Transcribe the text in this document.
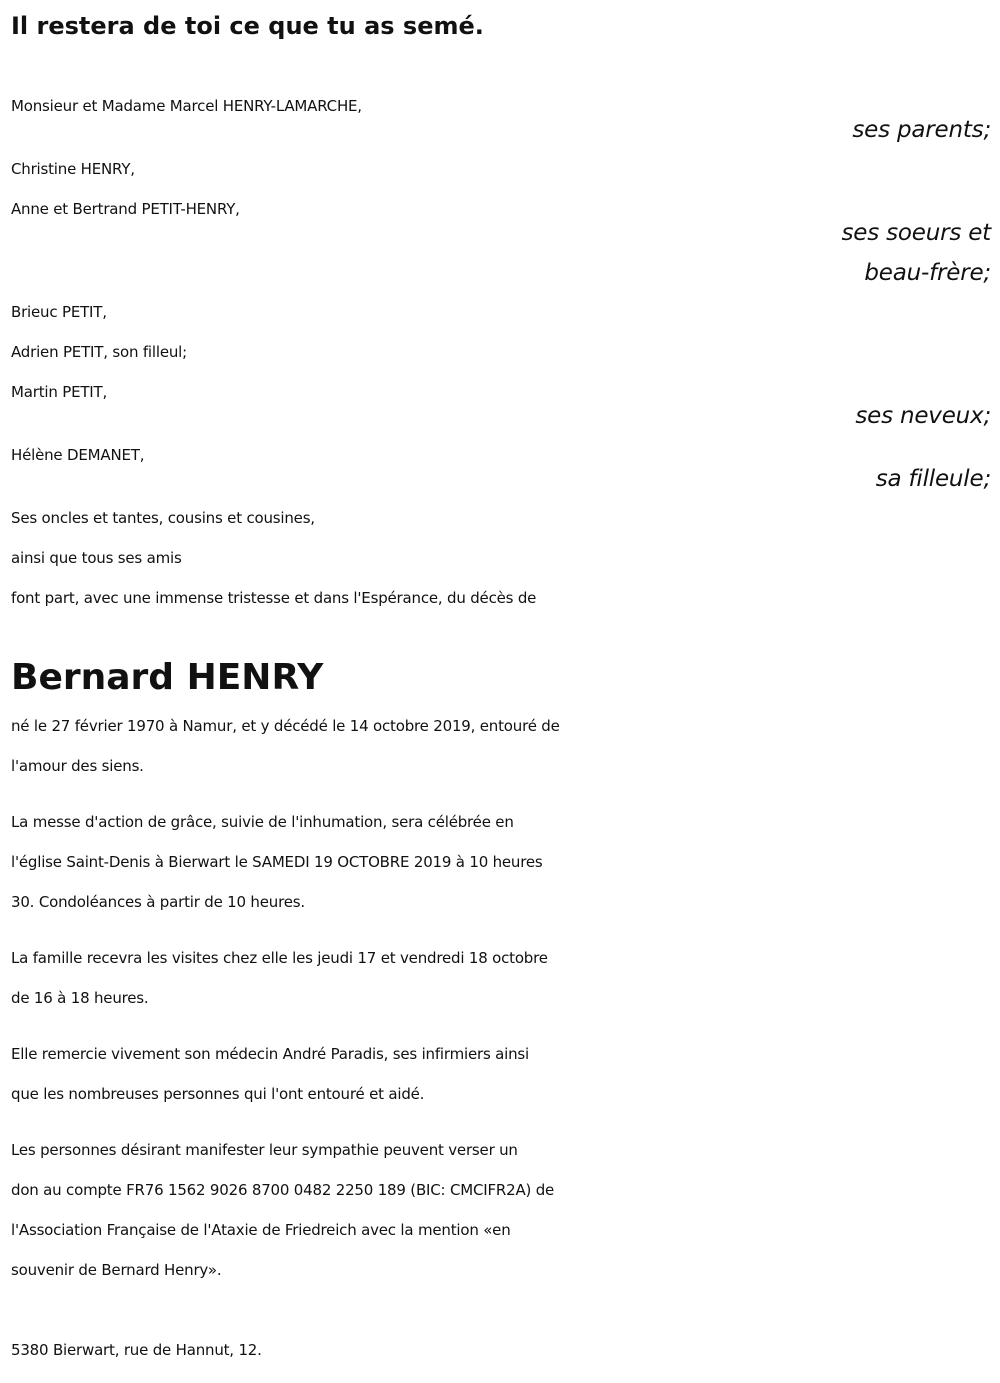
Il restera de toi ce que tu as semé.
Monsieur et Madame Marcel HENRY-LAMARCHE,
ses parents;
Christine HENRY,
Anne et Bertrand PETIT-HENRY,
ses soeurs et
beau-frère;
Brieuc PETIT,
Adrien PETIT, son filleul;
Martin PETIT,
ses neveux;
Hélène DEMANET,
sa filleule;
Ses oncles et tantes, cousins et cousines,
ainsi que tous ses amis
font part, avec une immense tristesse et dans l'Espérance, du décès de
Bernard HENRY
né le 27 février 1970 à Namur, et y décédé le 14 octobre 2019, entouré de
l'amour des siens.
La messe d'action de grâce, suivie de l'inhumation, sera célébrée en
l'église Saint-Denis à Bierwart le SAMEDI 19 OCTOBRE 2019 à 10 heures
30. Condoléances à partir de 10 heures.
La famille recevra les visites chez elle les jeudi 17 et vendredi 18 octobre
de 16 à 18 heures.
Elle remercie vivement son médecin André Paradis, ses infirmiers ainsi
que les nombreuses personnes qui l'ont entouré et aidé.
Les personnes désirant manifester leur sympathie peuvent verser un
don au compte FR76 1562 9026 8700 0482 2250 189 (BIC: CMCIFR2A) de
l'Association Française de l'Ataxie de Friedreich avec la mention «en
souvenir de Bernard Henry».
5380 Bierwart, rue de Hannut, 12.
